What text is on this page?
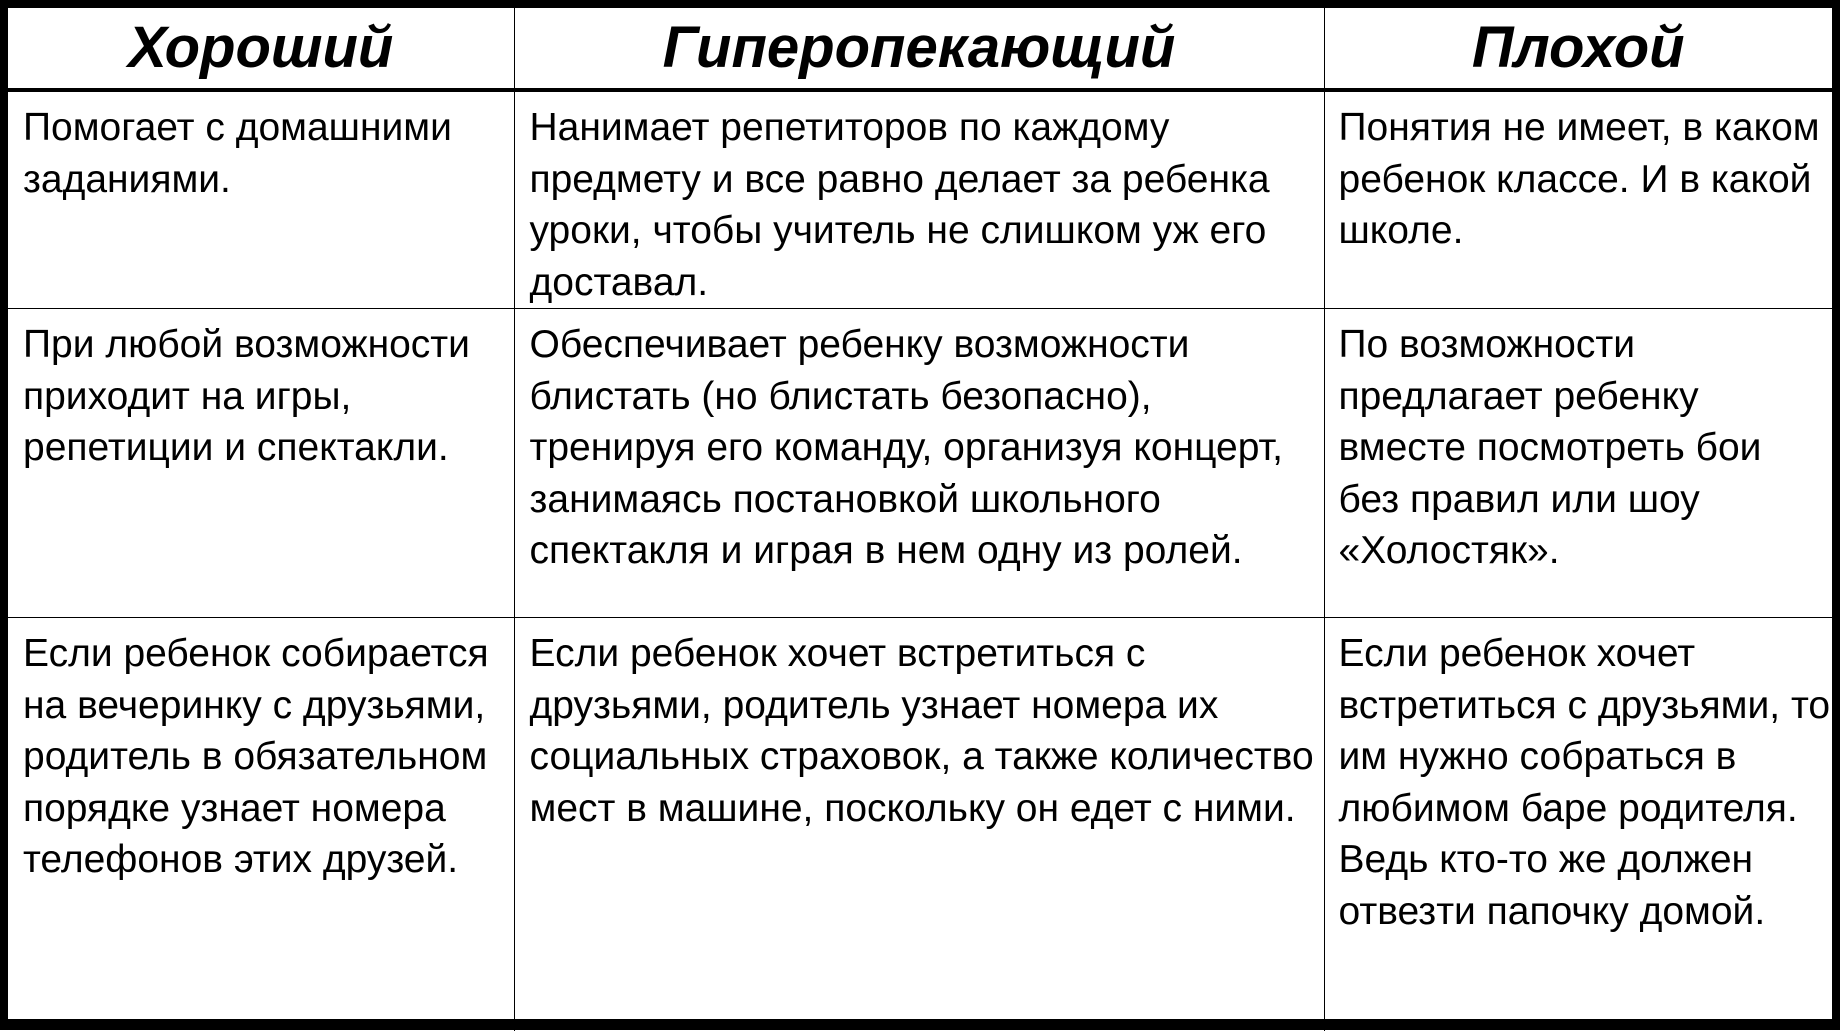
Хороший	Гиперопекающий	Плохой
Помогает с домашними заданиями.	Нанимает репетиторов по каждому предмету и все равно делает за ребенка уроки, чтобы учитель не слишком уж его доставал.	Понятия не имеет, в каком ребенок классе. И в какой школе.
При любой возможности приходит на игры, репетиции и спектакли.	Обеспечивает ребенку возможности блистать (но блистать безопасно), тренируя его команду, организуя концерт, занимаясь постановкой школьного спектакля и играя в нем одну из ролей.	По возможности предлагает ребенку вместе посмотреть бои без правил или шоу «Холостяк».
Если ребенок собирается на вечеринку с друзьями, родитель в обязательном порядке узнает номера телефонов этих друзей.	Если ребенок хочет встретиться с друзьями, родитель узнает номера их социальных страховок, а также количество мест в машине, поскольку он едет с ними.	Если ребенок хочет встретиться с друзьями, то им нужно собраться в любимом баре родителя. Ведь кто-то же должен отвезти папочку домой.
